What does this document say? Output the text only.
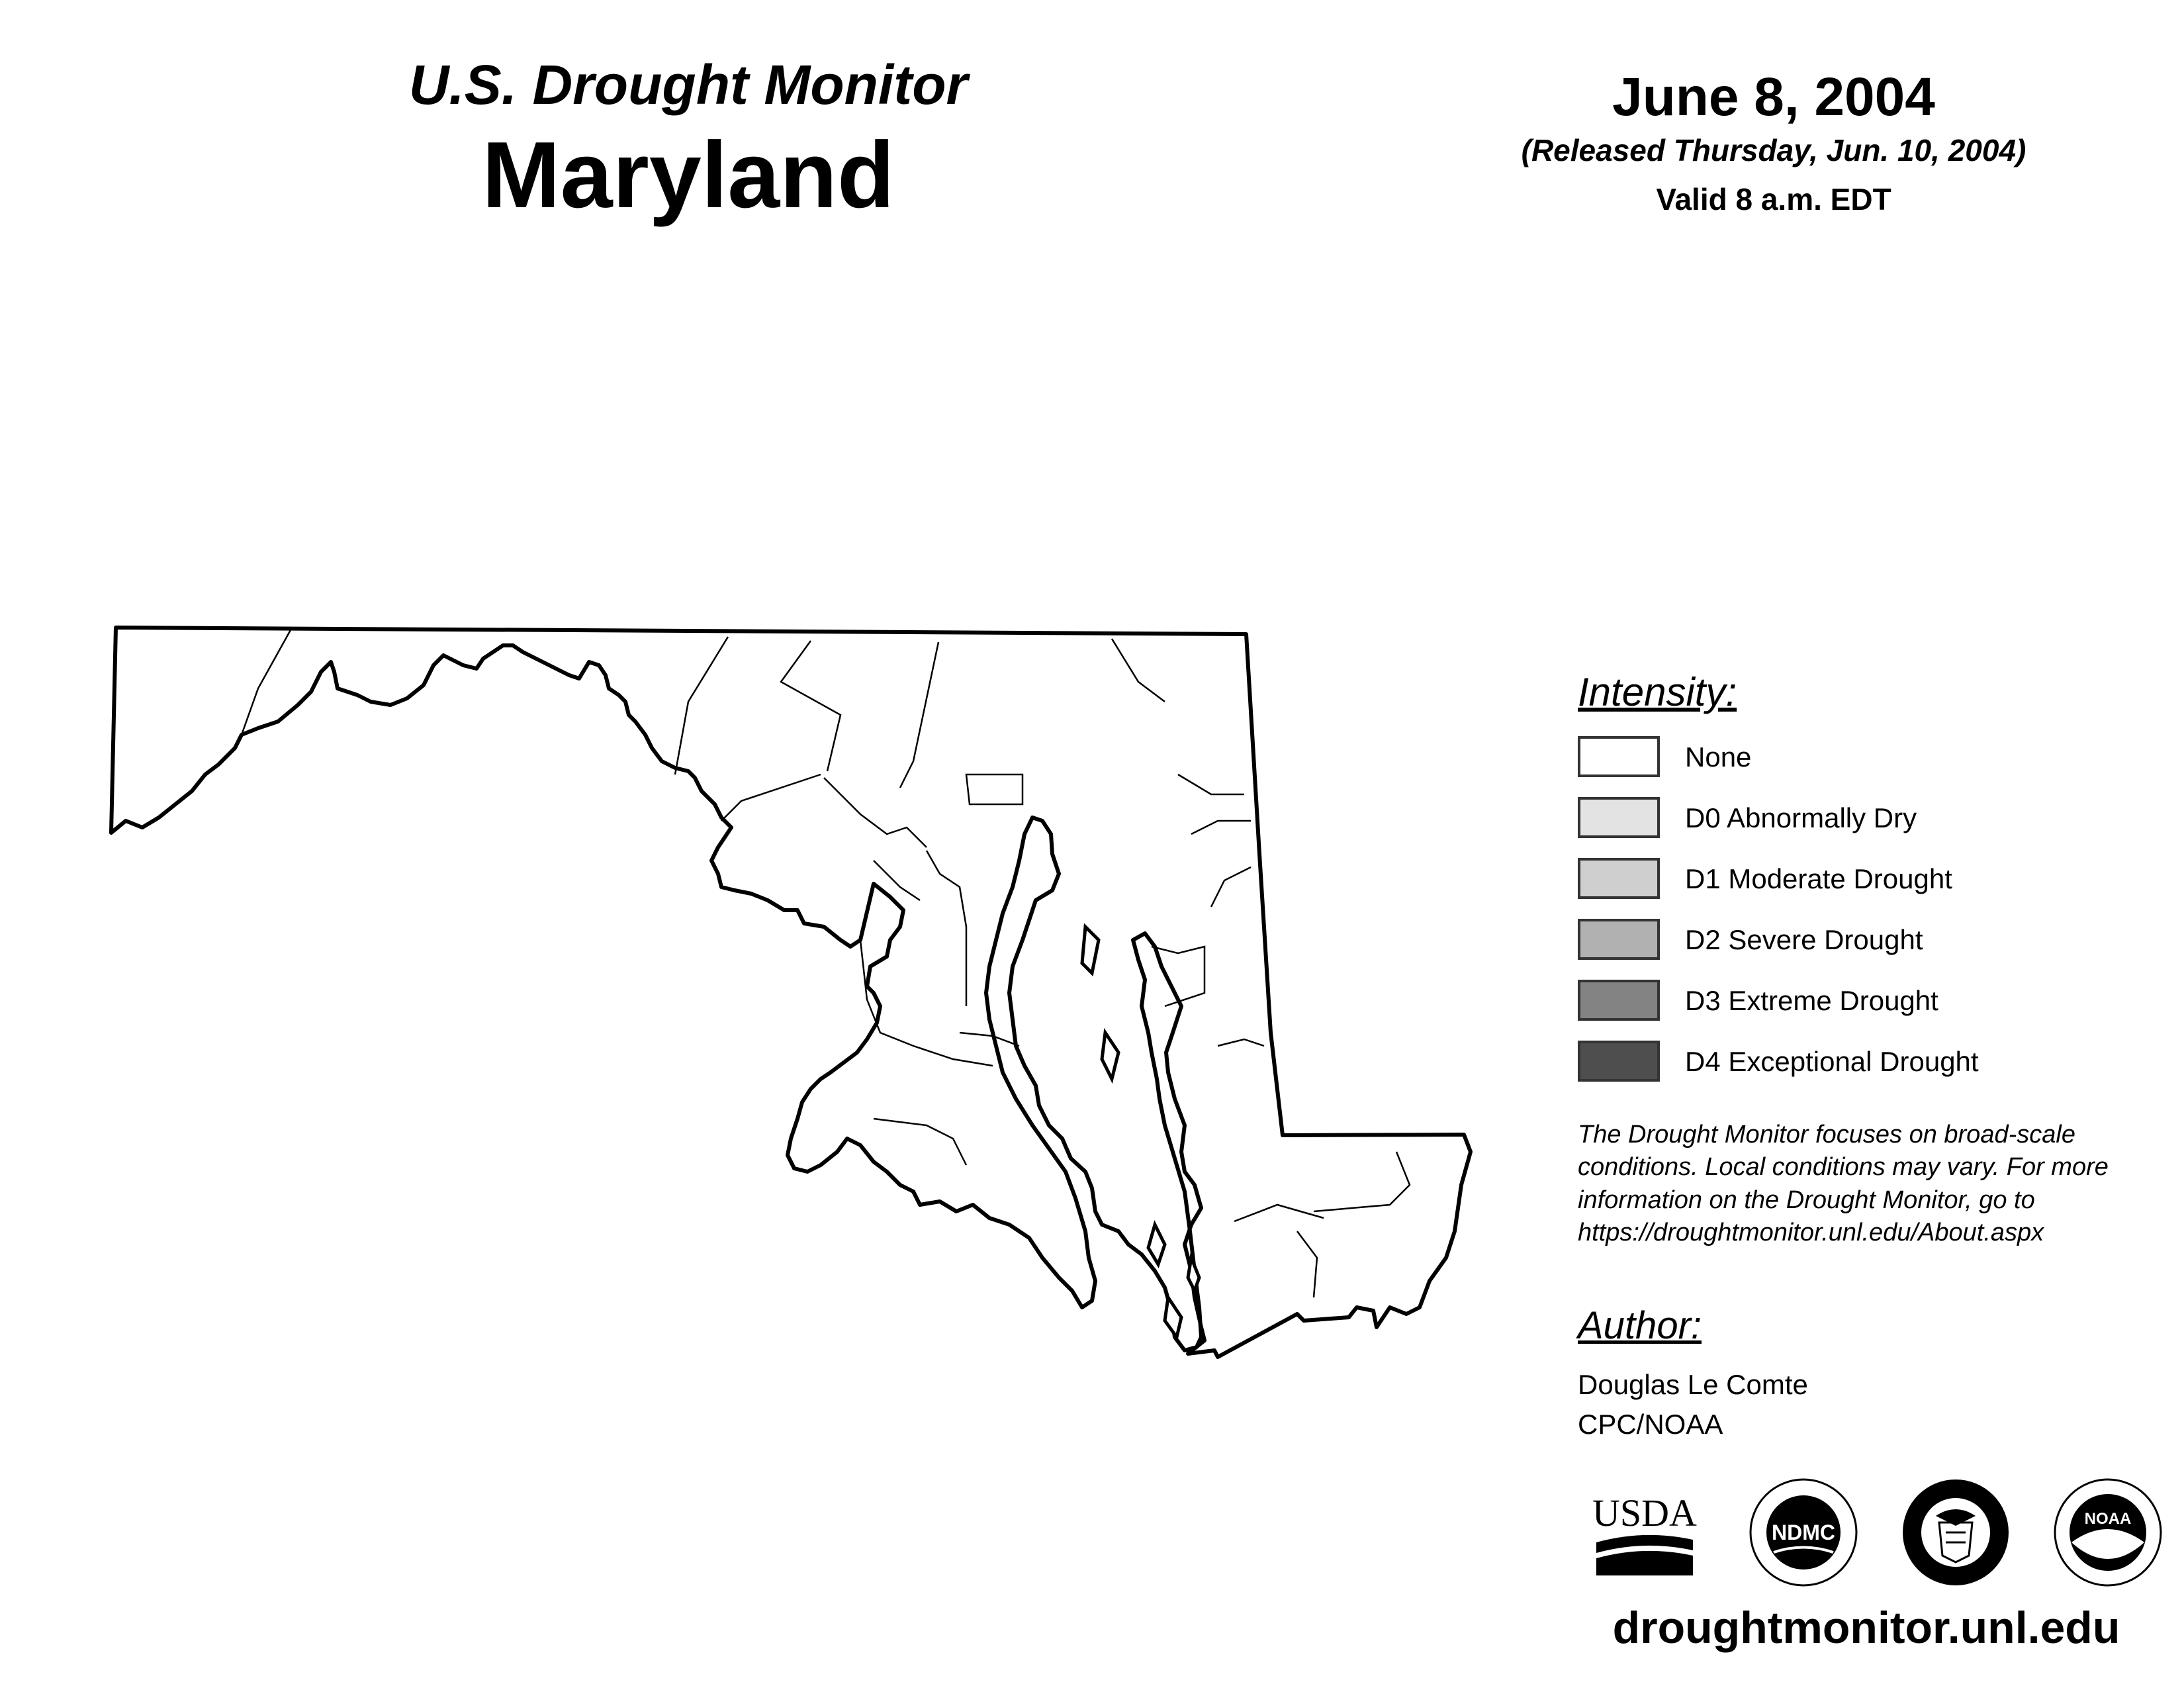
U.S. Drought Monitor
Maryland
June 8, 2004
(Released Thursday, Jun. 10, 2004)
Valid 8 a.m. EDT
Intensity:
None
D0 Abnormally Dry
D1 Moderate Drought
D2 Severe Drought
D3 Extreme Drought
D4 Exceptional Drought
The Drought Monitor focuses on broad-scale conditions. Local conditions may vary. For more information on the Drought Monitor, go to https://droughtmonitor.unl.edu/About.aspx
Author:
Douglas Le Comte
CPC/NOAA
USDA	NDMC
NOAA
droughtmonitor.unl.edu
